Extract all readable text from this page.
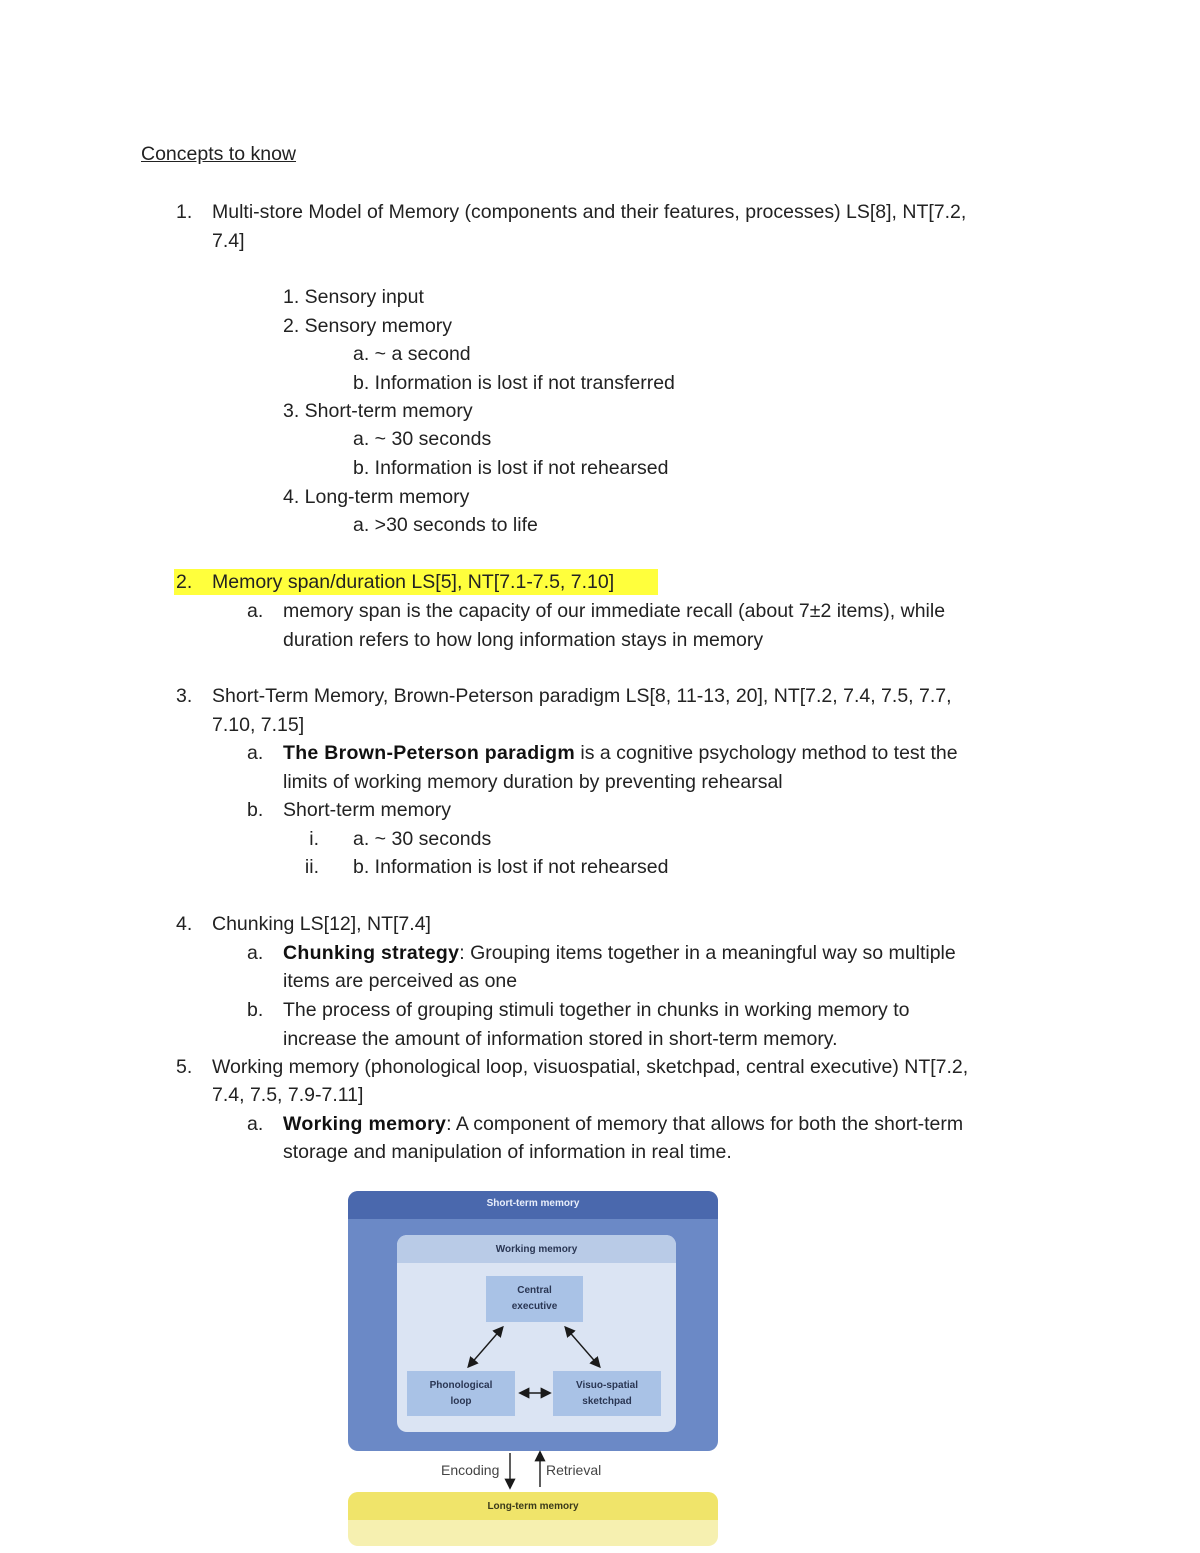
Concepts to know
1. Multi-store Model of Memory (components and their features, processes) LS[8], NT[7.2,
7.4]
1. Sensory input
2. Sensory memory
a. ~ a second
b. Information is lost if not transferred
3. Short-term memory
a. ~ 30 seconds
b. Information is lost if not rehearsed
4. Long-term memory
a. >30 seconds to life
2. Memory span/duration LS[5], NT[7.1-7.5, 7.10]
a. memory span is the capacity of our immediate recall (about 7±2 items), while
duration refers to how long information stays in memory
3. Short-Term Memory, Brown-Peterson paradigm LS[8, 11-13, 20], NT[7.2, 7.4, 7.5, 7.7,
7.10, 7.15]
a. The Brown-Peterson paradigm is a cognitive psychology method to test the
limits of working memory duration by preventing rehearsal
b. Short-term memory
i. a. ~ 30 seconds
ii. b. Information is lost if not rehearsed
4. Chunking LS[12], NT[7.4]
a. Chunking strategy: Grouping items together in a meaningful way so multiple
items are perceived as one
b. The process of grouping stimuli together in chunks in working memory to
increase the amount of information stored in short-term memory.
5. Working memory (phonological loop, visuospatial, sketchpad, central executive) NT[7.2,
7.4, 7.5, 7.9-7.11]
a. Working memory: A component of memory that allows for both the short-term
storage and manipulation of information in real time.
Short-term memory
Working memory
Central
executive
Phonological
loop
Visuo-spatial
sketchpad
Encoding	Retrieval
Long-term memory
